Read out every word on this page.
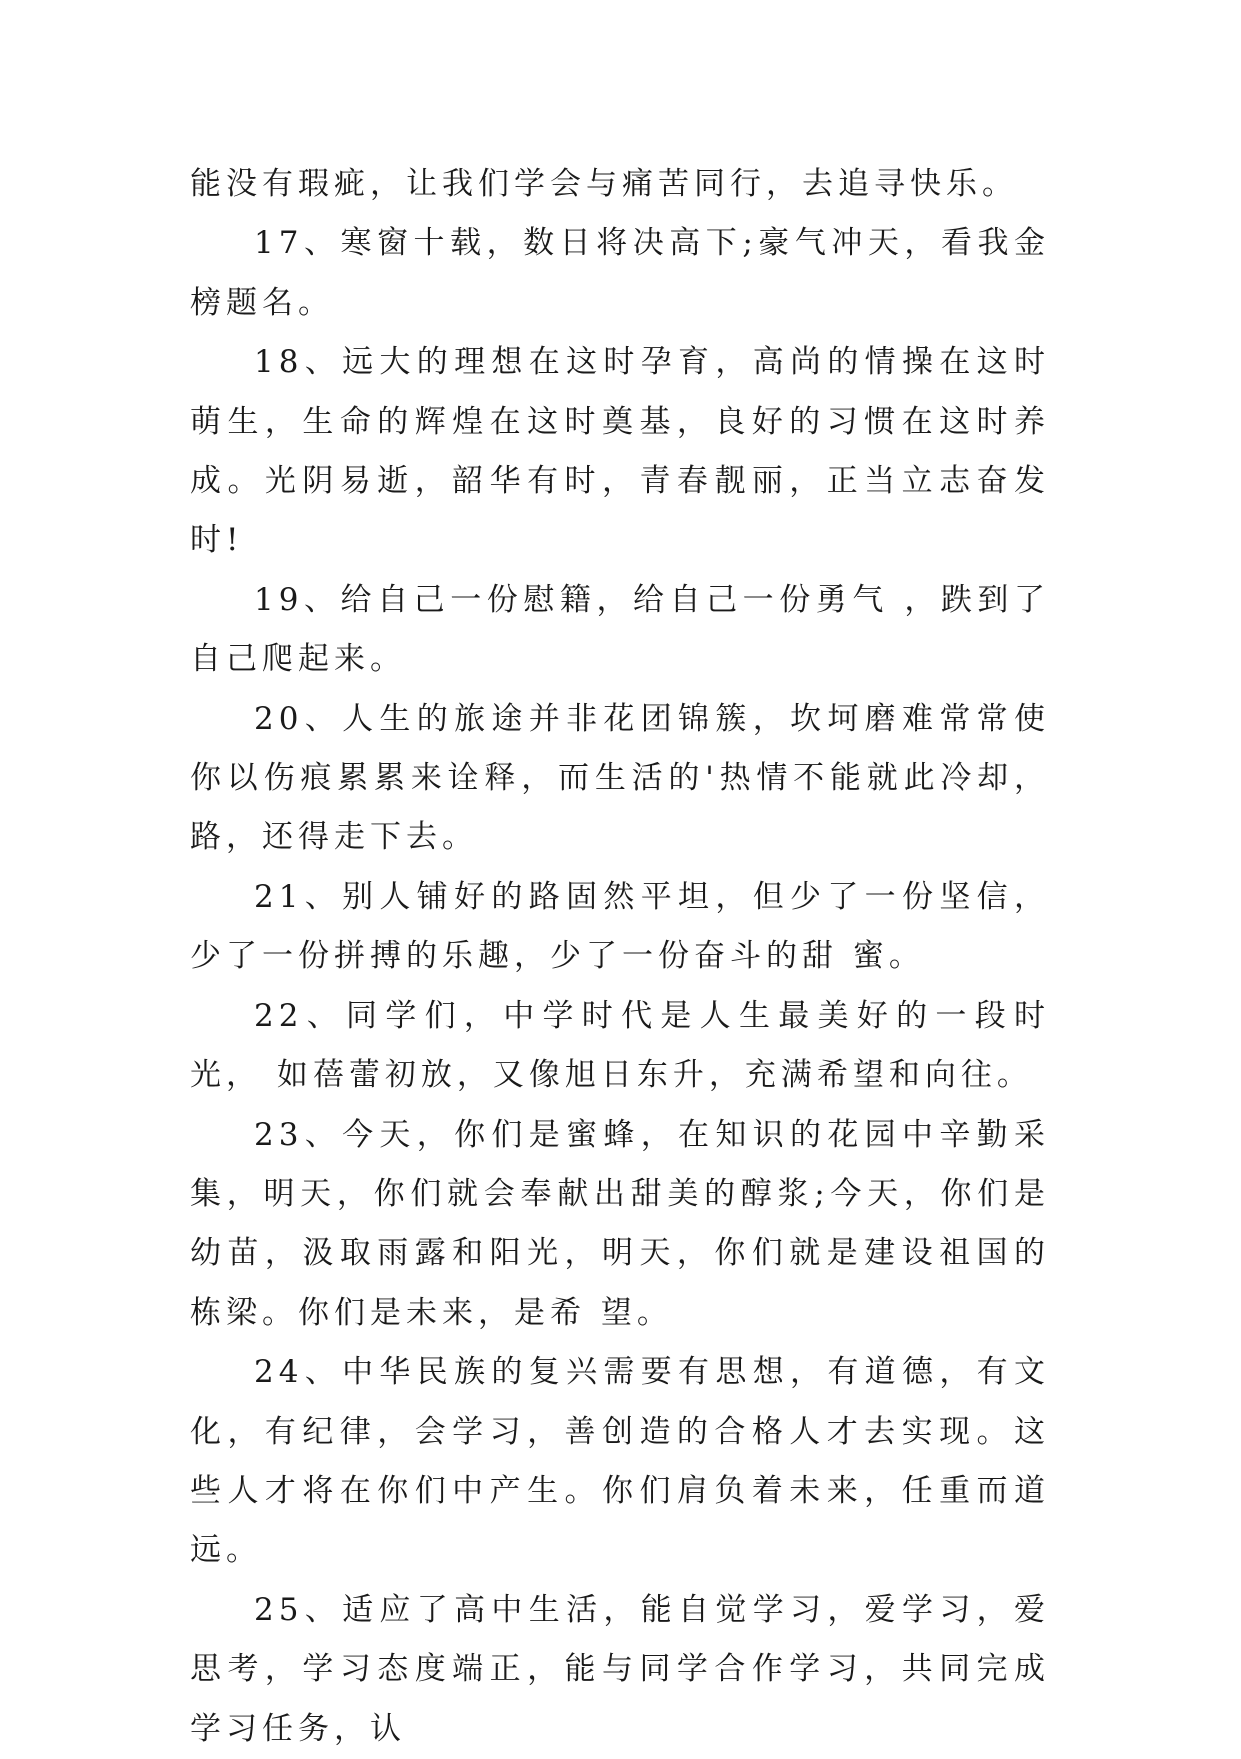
能没有瑕疵，让我们学会与痛苦同行，去追寻快乐。

17、寒窗十载，数日将决高下;豪气冲天，看我金榜题名。

18、远大的理想在这时孕育，高尚的情操在这时萌生，生命的辉煌在这时奠基，良好的习惯在这时养成。光阴易逝，韶华有时，青春靓丽，正当立志奋发时!

19、给自己一份慰籍，给自己一份勇气 ，跌到了自己爬起来。

20、人生的旅途并非花团锦簇，坎坷磨难常常使你以伤痕累累来诠释，而生活的'热情不能就此冷却，路，还得走下去。

21、别人铺好的路固然平坦，但少了一份坚信，少了一份拼搏的乐趣，少了一份奋斗的甜 蜜。

22、同学们，中学时代是人生最美好的一段时光， 如蓓蕾初放，又像旭日东升，充满希望和向往。

23、今天，你们是蜜蜂，在知识的花园中辛勤采集，明天，你们就会奉献出甜美的醇浆;今天，你们是幼苗，汲取雨露和阳光，明天，你们就是建设祖国的栋梁。你们是未来，是希 望。

24、中华民族的复兴需要有思想，有道德，有文化，有纪律，会学习，善创造的合格人才去实现。这些人才将在你们中产生。你们肩负着未来，任重而道远。

25、适应了高中生活，能自觉学习，爱学习，爱思考，学习态度端正，能与同学合作学习，共同完成学习任务，认
